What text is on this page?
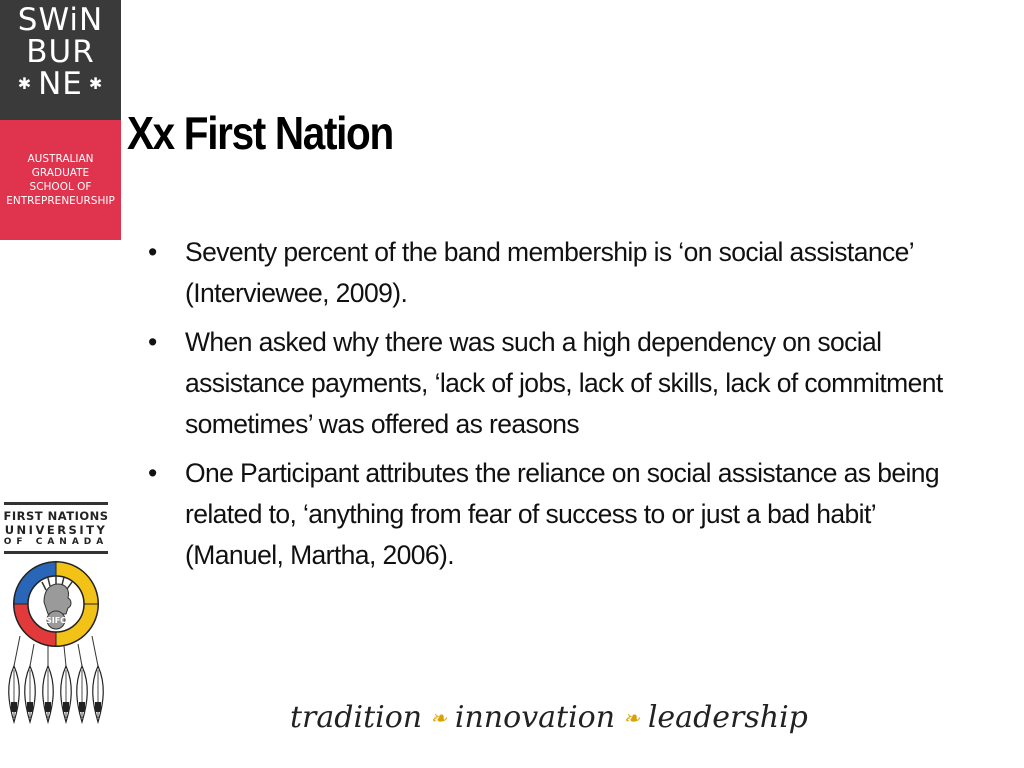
SWiN
BUR
✱ NE ✱
AUSTRALIAN
GRADUATE
SCHOOL OF
ENTREPRENEURSHIP
Xx First Nation
• Seventy percent of the band membership is ‘on social assistance’ (Interviewee, 2009).
• When asked why there was such a high dependency on social assistance payments, ‘lack of jobs, lack of skills, lack of commitment sometimes’ was offered as reasons
• One Participant attributes the reliance on social assistance as being related to, ‘anything from fear of success to or just a bad habit’ (Manuel, Martha, 2006).
FIRST NATIONS
UNIVERSITY
OF CANADA
SIFC
tradition ❧ innovation ❧ leadership
